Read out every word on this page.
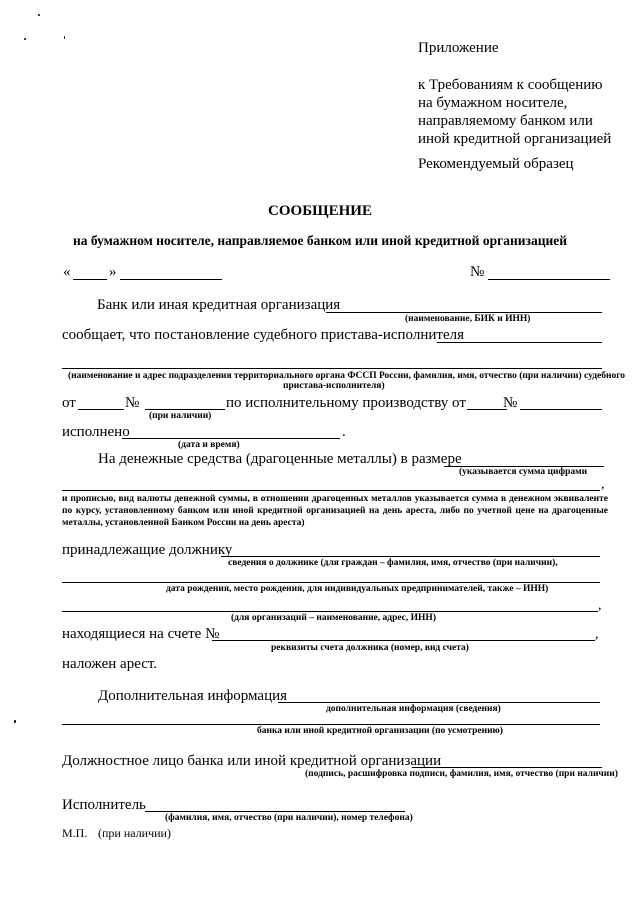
Приложение
к Требованиям к сообщению
на бумажном носителе,
направляемому банком или
иной кредитной организацией
Рекомендуемый образец
СООБЩЕНИЕ
на бумажном носителе, направляемое банком или иной кредитной организацией
«	»	№
Банк или иная кредитная организация
(наименование, БИК и ИНН)
сообщает, что постановление судебного пристава-исполнителя
(наименование и адрес подразделения территориального органа ФССП России, фамилия, имя, отчество (при наличии) судебного
пристава-исполнителя)
от	№
(при наличии)
по исполнительному производству от №
исполнено	.
(дата и время)
На денежные средства (драгоценные металлы) в размере
(указывается сумма цифрами
,
и прописью, вид валюты денежной суммы, в отношении драгоценных металлов указывается сумма в денежном эквиваленте по курсу, установленному банком или иной кредитной организацией на день ареста, либо по учетной цене на драгоценные металлы, установленной Банком России на день ареста)
принадлежащие должнику
сведения о должнике (для граждан – фамилия, имя, отчество (при наличии),
дата рождения, место рождения, для индивидуальных предпринимателей, также – ИНН)
,
(для организаций – наименование, адрес, ИНН)
находящиеся на счете №	,
реквизиты счета должника (номер, вид счета)
наложен арест.
Дополнительная информация
дополнительная информация (сведения)
банка или иной кредитной организации (по усмотрению)
Должностное лицо банка или иной кредитной организации
(подпись, расшифровка подписи, фамилия, имя, отчество (при наличии)
Исполнитель
(фамилия, имя, отчество (при наличии), номер телефона)
М.П. (при наличии)
